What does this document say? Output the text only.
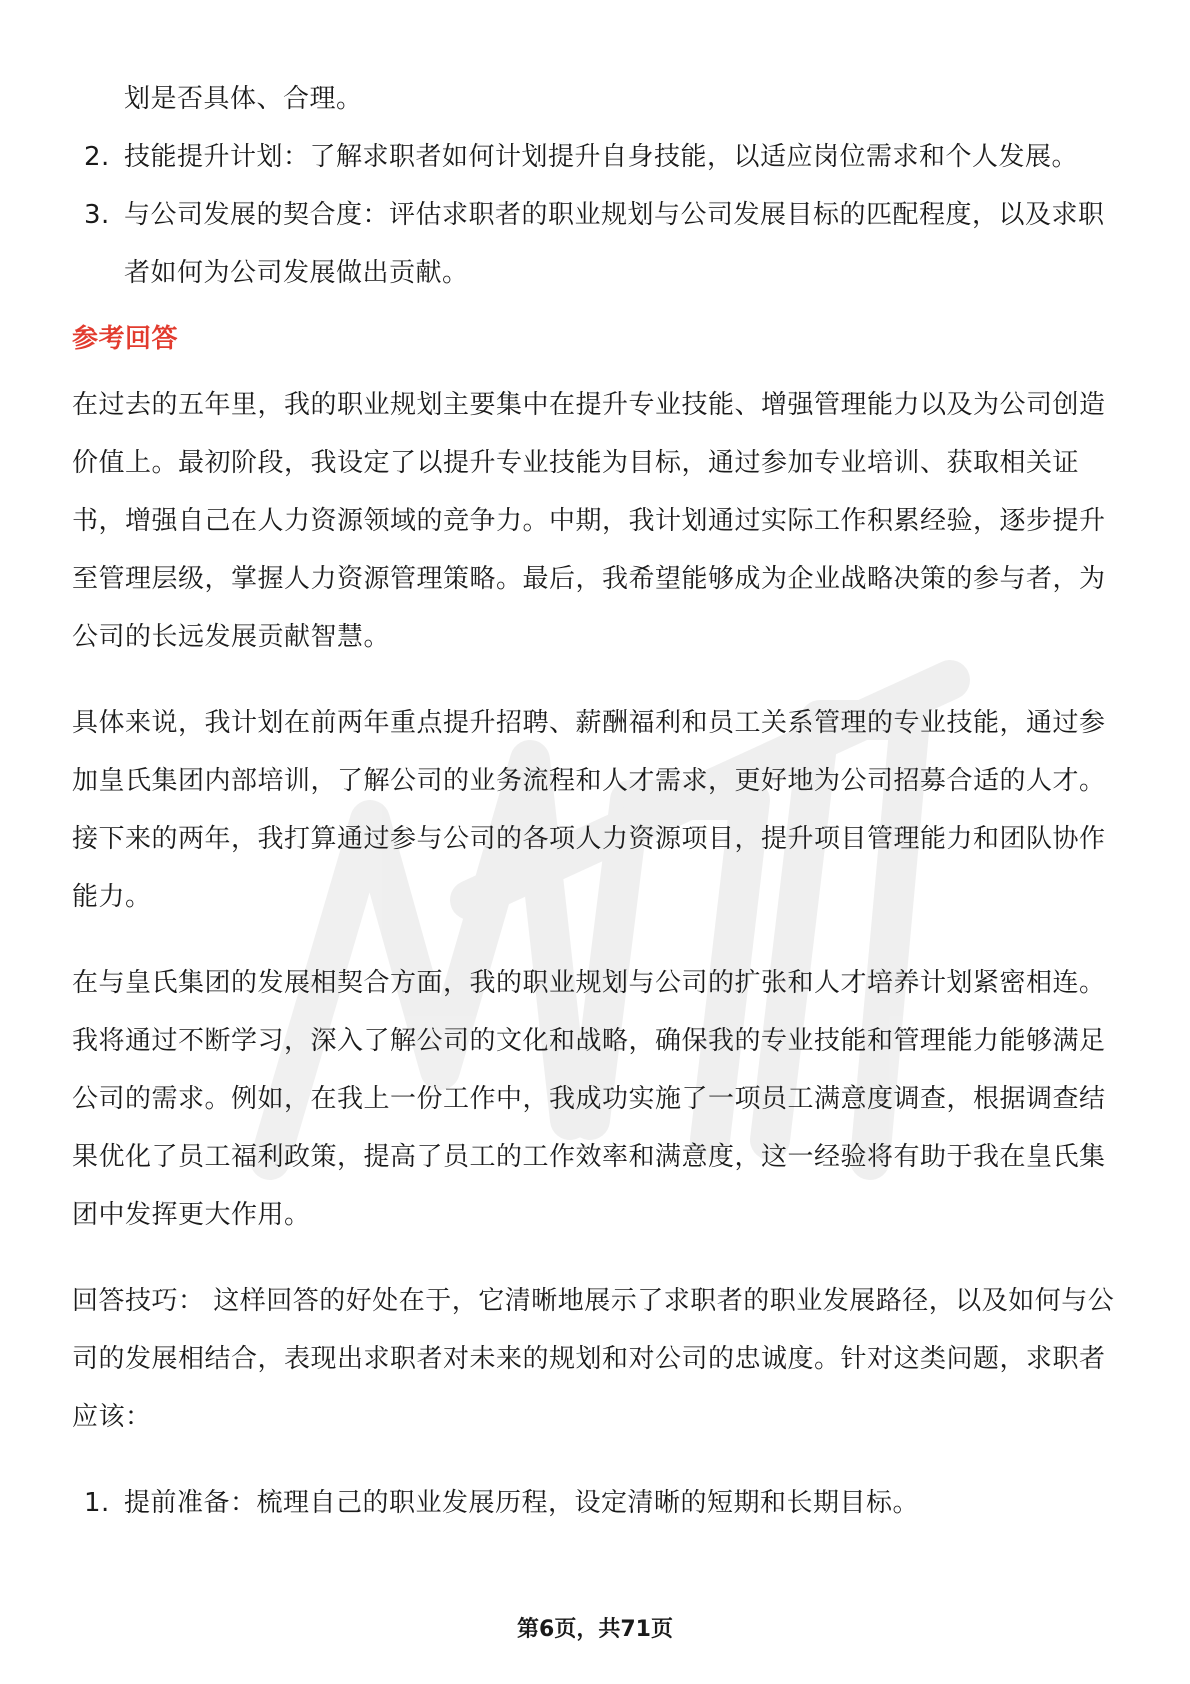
划是否具体、合理。
2. 技能提升计划：了解求职者如何计划提升自身技能，以适应岗位需求和个人发展。
3. 与公司发展的契合度：评估求职者的职业规划与公司发展目标的匹配程度，以及求职者如何为公司发展做出贡献。
参考回答

在过去的五年里，我的职业规划主要集中在提升专业技能、增强管理能力以及为公司创造价值上。最初阶段，我设定了以提升专业技能为目标，通过参加专业培训、获取相关证书，增强自己在人力资源领域的竞争力。中期，我计划通过实际工作积累经验，逐步提升至管理层级，掌握人力资源管理策略。最后，我希望能够成为企业战略决策的参与者，为公司的长远发展贡献智慧。

具体来说，我计划在前两年重点提升招聘、薪酬福利和员工关系管理的专业技能，通过参加皇氏集团内部培训，了解公司的业务流程和人才需求，更好地为公司招募合适的人才。接下来的两年，我打算通过参与公司的各项人力资源项目，提升项目管理能力和团队协作能力。

在与皇氏集团的发展相契合方面，我的职业规划与公司的扩张和人才培养计划紧密相连。我将通过不断学习，深入了解公司的文化和战略，确保我的专业技能和管理能力能够满足公司的需求。例如，在我上一份工作中，我成功实施了一项员工满意度调查，根据调查结果优化了员工福利政策，提高了员工的工作效率和满意度，这一经验将有助于我在皇氏集团中发挥更大作用。

回答技巧： 这样回答的好处在于，它清晰地展示了求职者的职业发展路径，以及如何与公司的发展相结合，表现出求职者对未来的规划和对公司的忠诚度。针对这类问题，求职者应该：

1. 提前准备：梳理自己的职业发展历程，设定清晰的短期和长期目标。
第6页，共71页
